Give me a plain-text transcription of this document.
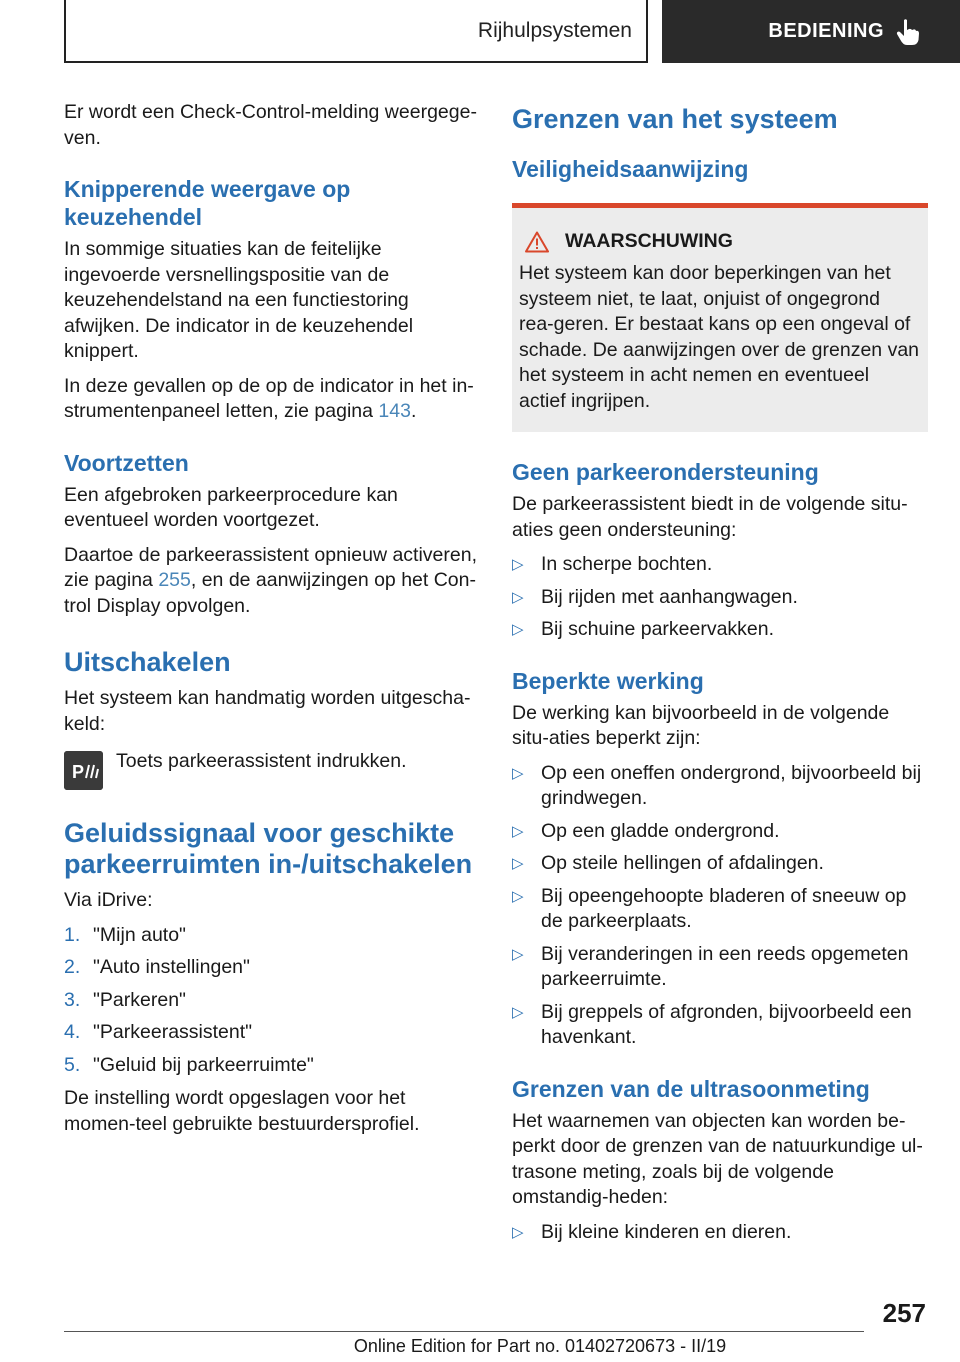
Rijhulpsystemen	BEDIENING

Er wordt een Check-Control-melding weergege-ven.

Knipperende weergave op keuzehendel

In sommige situaties kan de feitelijke ingevoerde versnellingspositie van de keuzehendelstand na een functiestoring afwijken. De indicator in de keuzehendel knippert.

In deze gevallen op de op de indicator in het in-strumentenpaneel letten, zie pagina 143.

Voortzetten

Een afgebroken parkeerprocedure kan eventueel worden voortgezet.

Daartoe de parkeerassistent opnieuw activeren, zie pagina 255, en de aanwijzingen op het Con-trol Display opvolgen.

Uitschakelen

Het systeem kan handmatig worden uitgescha-keld:

P Toets parkeerassistent indrukken.

Geluidssignaal voor geschikte parkeerruimten in-/uitschakelen

Via iDrive:

1. "Mijn auto"
2. "Auto instellingen"
3. "Parkeren"
4. "Parkeerassistent"
5. "Geluid bij parkeerruimte"

De instelling wordt opgeslagen voor het momen-teel gebruikte bestuurdersprofiel.

Grenzen van het systeem
Veiligheidsaanwijzing
WAARSCHUWING

Het systeem kan door beperkingen van het systeem niet, te laat, onjuist of ongegrond rea-geren. Er bestaat kans op een ongeval of schade. De aanwijzingen over de grenzen van het systeem in acht nemen en eventueel actief ingrijpen.

Geen parkeerondersteuning

De parkeerassistent biedt in de volgende situ-aties geen ondersteuning:

▷ In scherpe bochten.
▷ Bij rijden met aanhangwagen.
▷ Bij schuine parkeervakken.
Beperkte werking

De werking kan bijvoorbeeld in de volgende situ-aties beperkt zijn:

▷ Op een oneffen ondergrond, bijvoorbeeld bij grindwegen.
▷ Op een gladde ondergrond.
▷ Op steile hellingen of afdalingen.
▷ Bij opeengehoopte bladeren of sneeuw op de parkeerplaats.
▷ Bij veranderingen in een reeds opgemeten parkeerruimte.
▷ Bij greppels of afgronden, bijvoorbeeld een havenkant.
Grenzen van de ultrasoonmeting

Het waarnemen van objecten kan worden be-perkt door de grenzen van de natuurkundige ul-trasone meting, zoals bij de volgende omstandig-heden:

▷ Bij kleine kinderen en dieren.
257
Online Edition for Part no. 01402720673 - II/19
